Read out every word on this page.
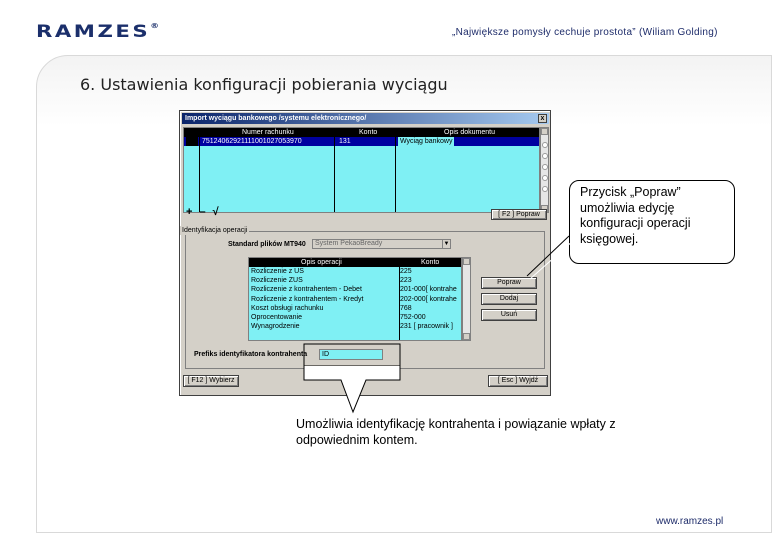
RAMZES®
„Największe pomysły cechuje prostota” (Wiliam Golding)
6. Ustawienia konfiguracji pobierania wyciągu
Import wyciągu bankowego /systemu elektronicznego/	x
Numer rachunku	Konto	Opis dokumentu
75124062921111001027053970	131	Wyciąg bankowy
+ – √	[ F2 ] Popraw
Identyfikacja operacji
Standard plików MT940	System PekaoBready	▼
Opis operacji	Konto
Rozliczenie z US	225
Rozliczenie ZUS	223
Rozliczenie z kontrahentem - Debet	201-000[ kontrahe
Rozliczenie z kontrahentem - Kredyt	202-000[ kontrahe
Koszt obsługi rachunku	768
Oprocentowanie	752-000
Wynagrodzenie	231 [ pracownik ]
Popraw
Dodaj
Usuń
Prefiks identyfikatora kontrahenta	ID
[ F12 ] Wybierz	[ Esc ] Wyjdź
Przycisk „Popraw” umożliwia edycję konfiguracji operacji księgowej.
Umożliwia identyfikację kontrahenta i powiązanie wpłaty z odpowiednim kontem.
www.ramzes.pl
